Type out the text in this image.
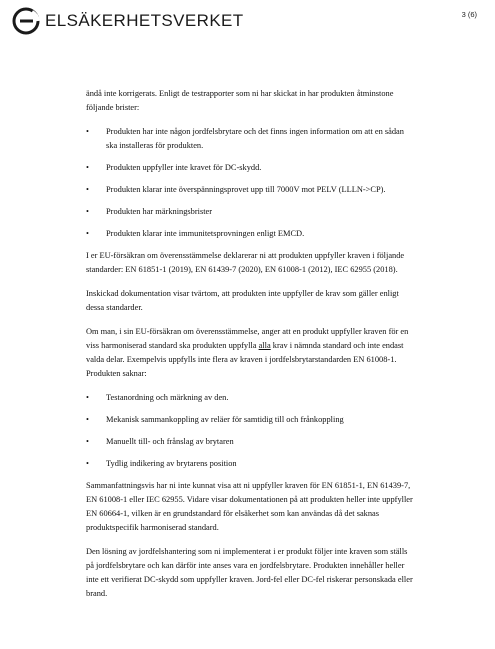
ELSÄKERHETSVERKET	3 (6)

ändå inte korrigerats. Enligt de testrapporter som ni har skickat in har produkten åtminstone följande brister:

• Produkten har inte någon jordfelsbrytare och det finns ingen information om att en sådan ska installeras för produkten.
• Produkten uppfyller inte kravet för DC-skydd.
• Produkten klarar inte överspänningsprovet upp till 7000V mot PELV (LLLN->CP).
• Produkten har märkningsbrister
• Produkten klarar inte immunitetsprovningen enligt EMCD.

I er EU-försäkran om överensstämmelse deklarerar ni att produkten uppfyller kraven i följande standarder: EN 61851-1 (2019), EN 61439-7 (2020), EN 61008-1 (2012), IEC 62955 (2018).

Inskickad dokumentation visar tvärtom, att produkten inte uppfyller de krav som gäller enligt dessa standarder.

Om man, i sin EU-försäkran om överensstämmelse, anger att en produkt uppfyller kraven för en viss harmoniserad standard ska produkten uppfylla alla krav i nämnda standard och inte endast valda delar. Exempelvis uppfylls inte flera av kraven i jordfelsbrytarstandarden EN 61008-1. Produkten saknar:

• Testanordning och märkning av den.
• Mekanisk sammankoppling av reläer för samtidig till och frånkoppling
• Manuellt till- och frånslag av brytaren
• Tydlig indikering av brytarens position

Sammanfattningsvis har ni inte kunnat visa att ni uppfyller kraven för EN 61851-1, EN 61439-7, EN 61008-1 eller IEC 62955. Vidare visar dokumentationen på att produkten heller inte uppfyller EN 60664-1, vilken är en grundstandard för elsäkerhet som kan användas då det saknas produktspecifik harmoniserad standard.

Den lösning av jordfelshantering som ni implementerat i er produkt följer inte kraven som ställs på jordfelsbrytare och kan därför inte anses vara en jordfelsbrytare. Produkten innehåller heller inte ett verifierat DC-skydd som uppfyller kraven. Jord-fel eller DC-fel riskerar personskada eller brand.
